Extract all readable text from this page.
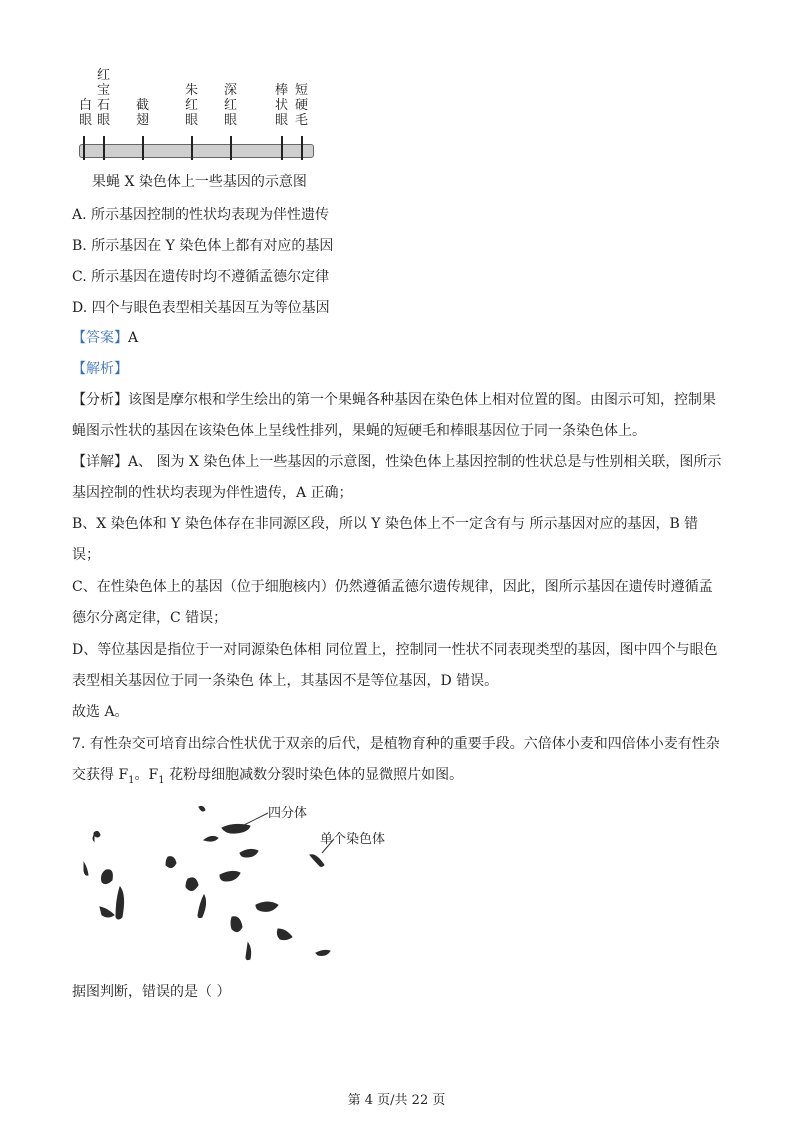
白
眼
红
宝
石
眼
截
翅
朱
红
眼
深
红
眼
棒
状
眼
短
硬
毛
果蝇 X 染色体上一些基因的示意图
A. 所示基因控制的性状均表现为伴性遗传
B. 所示基因在 Y 染色体上都有对应的基因
C. 所示基因在遗传时均不遵循孟德尔定律
D. 四个与眼色表型相关基因互为等位基因
【答案】A
【解析】
【分析】该图是摩尔根和学生绘出的第一个果蝇各种基因在染色体上相对位置的图。由图示可知，控制果
蝇图示性状的基因在该染色体上呈线性排列，果蝇的短硬毛和棒眼基因位于同一条染色体上。
【详解】A、 图为 X 染色体上一些基因的示意图，性染色体上基因控制的性状总是与性别相关联，图所示
基因控制的性状均表现为伴性遗传，A 正确；
B、X 染色体和 Y 染色体存在非同源区段，所以 Y 染色体上不一定含有与 所示基因对应的基因，B 错
误；
C、在性染色体上的基因（位于细胞核内）仍然遵循孟德尔遗传规律，因此，图所示基因在遗传时遵循孟
德尔分离定律，C 错误；
D、等位基因是指位于一对同源染色体相 同位置上，控制同一性状不同表现类型的基因，图中四个与眼色
表型相关基因位于同一条染色 体上，其基因不是等位基因，D 错误。
故选 A。
7. 有性杂交可培育出综合性状优于双亲的后代，是植物育种的重要手段。六倍体小麦和四倍体小麦有性杂
交获得 $F_1$。$F_1$ 花粉母细胞减数分裂时染色体的显微照片如图。
四分体
单个染色体
据图判断，错误的是（ ）
第 4 页/共 22 页
